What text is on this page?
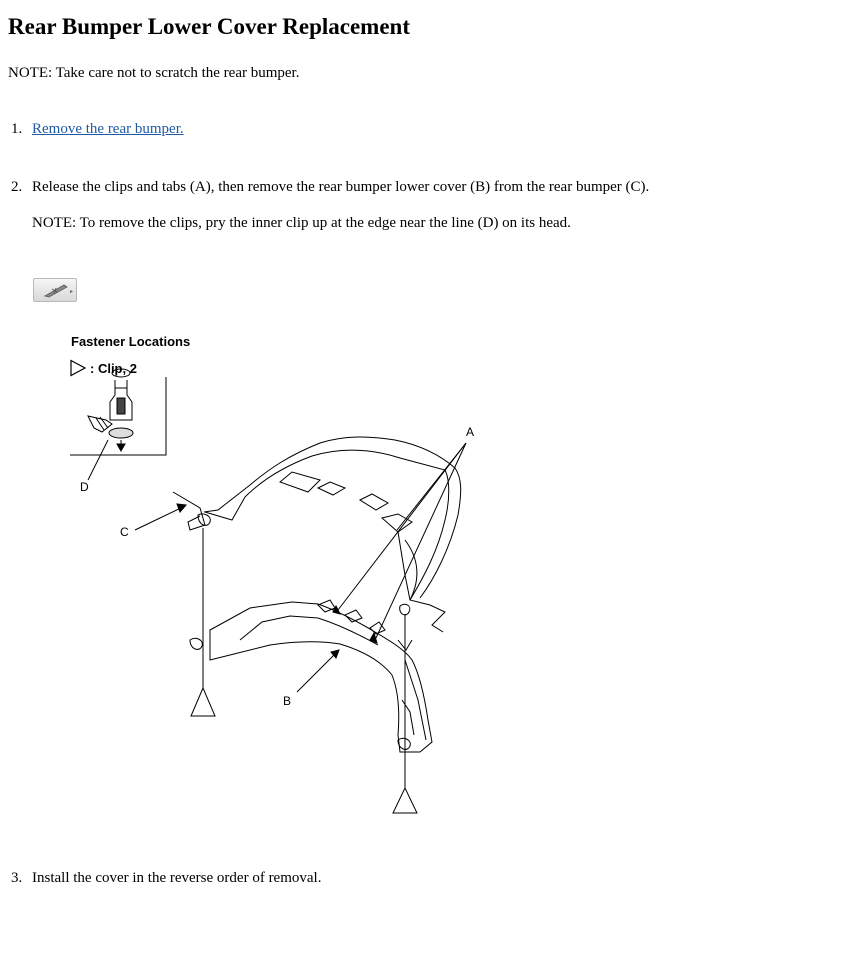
Rear Bumper Lower Cover Replacement
NOTE: Take care not to scratch the rear bumper.
1. Remove the rear bumper.
2. Release the clips and tabs (A), then remove the rear bumper lower cover (B) from the rear bumper (C).
NOTE: To remove the clips, pry the inner clip up at the edge near the line (D) on its head.
Fastener Locations
: Clip, 2
A
B
C
D
3. Install the cover in the reverse order of removal.
